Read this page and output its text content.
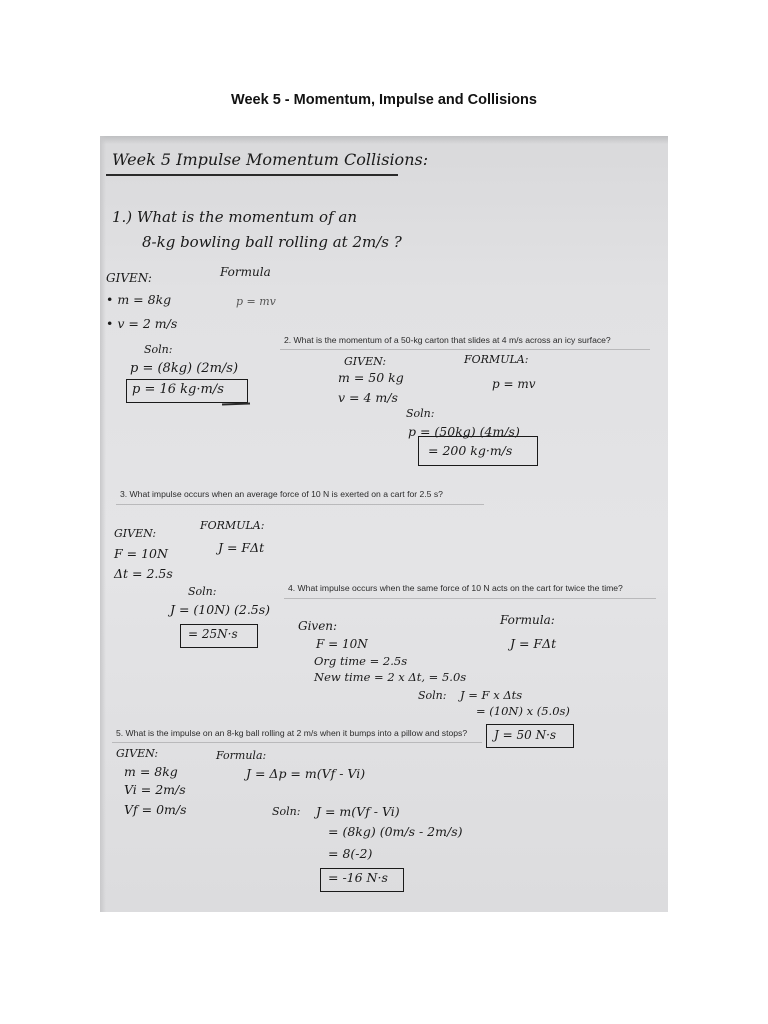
Week 5 - Momentum, Impulse and Collisions
Week 5 Impulse Momentum Collisions:
1.) What is the momentum of an
8-kg bowling ball rolling at 2m/s ?
GIVEN:	Formula
• m = 8kg	p = mv
• v = 2 m/s
Soln:
p = (8kg) (2m/s)
p = 16 kg·m/s
2. What is the momentum of a 50-kg carton that slides at 4 m/s across an icy surface?
GIVEN:	FORMULA:
m = 50 kg	p = mv
v = 4 m/s
Soln:
p = (50kg) (4m/s)
= 200 kg·m/s
3. What impulse occurs when an average force of 10 N is exerted on a cart for 2.5 s?
GIVEN:
FORMULA:
F = 10N	J = FΔt
Δt = 2.5s
Soln:
J = (10N) (2.5s)
= 25N·s
4. What impulse occurs when the same force of 10 N acts on the cart for twice the time?
Given:	Formula:
F = 10N	J = FΔt
Org time = 2.5s
New time = 2 x Δt, = 5.0s
Soln: J = F x Δts
= (10N) x (5.0s)
J = 50 N·s
5. What is the impulse on an 8-kg ball rolling at 2 m/s when it bumps into a pillow and stops?
GIVEN:	Formula:
m = 8kg	J = Δp = m(Vf - Vi)
Vi = 2m/s
Vf = 0m/s	Soln: J = m(Vf - Vi)
= (8kg) (0m/s - 2m/s)
= 8(-2)
= -16 N·s
